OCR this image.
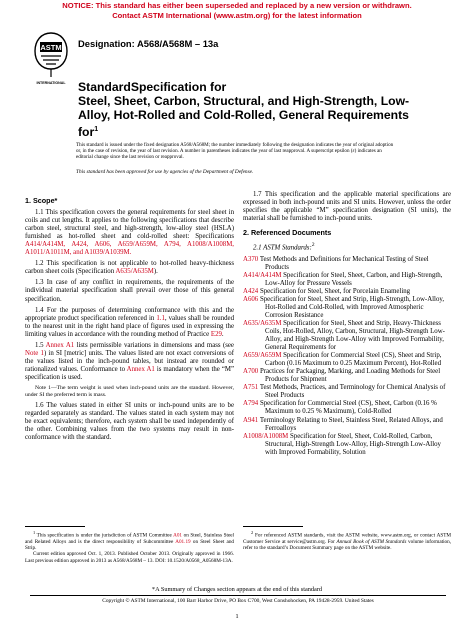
NOTICE: This standard has either been superseded and replaced by a new version or withdrawn.
Contact ASTM International (www.astm.org) for the latest information
ASTM
INTERNATIONAL
Designation: A568/A568M – 13a
StandardSpecification for
Steel, Sheet, Carbon, Structural, and High-Strength, Low-
Alloy, Hot-Rolled and Cold-Rolled, General Requirements
for$^1$
This standard is issued under the fixed designation A568/A568M; the number immediately following the designation indicates the year of original adoption or, in the case of revision, the year of last revision. A number in parentheses indicates the year of last reapproval. A superscript epsilon (ε) indicates an editorial change since the last revision or reapproval.
This standard has been approved for use by agencies of the Department of Defense.
1. Scope*

1.1 This specification covers the general requirements for steel sheet in coils and cut lengths. It applies to the following specifications that describe carbon steel, structural steel, and high-strength, low-alloy steel (HSLA) furnished as hot-rolled sheet and cold-rolled sheet: Specifications A414/A414M, A424, A606, A659/A659M, A794, A1008/A1008M, A1011/A1011M, and A1039/A1039M.

1.2 This specification is not applicable to hot-rolled heavy-thickness carbon sheet coils (Specification A635/A635M).

1.3 In case of any conflict in requirements, the requirements of the individual material specification shall prevail over those of this general specification.

1.4 For the purposes of determining conformance with this and the appropriate product specification referenced in 1.1, values shall be rounded to the nearest unit in the right hand place of figures used in expressing the limiting values in accordance with the rounding method of Practice E29.

1.5 Annex A1 lists permissible variations in dimensions and mass (see Note 1) in SI [metric] units. The values listed are not exact conversions of the values listed in the inch-pound tables, but instead are rounded or rationalized values. Conformance to Annex A1 is mandatory when the “M” specification is used.

Note 1—The term weight is used when inch-pound units are the standard. However, under SI the preferred term is mass.

1.6 The values stated in either SI units or inch-pound units are to be regarded separately as standard. The values stated in each system may not be exact equivalents; therefore, each system shall be used independently of the other. Combining values from the two systems may result in non-conformance with the standard.

1.7 This specification and the applicable material specifications are expressed in both inch-pound units and SI units. However, unless the order specifies the applicable “M” specification designation (SI units), the material shall be furnished to inch-pound units.

2. Referenced Documents

2.1 ASTM Standards:$^2$

A370 Test Methods and Definitions for Mechanical Testing of Steel Products
A414/A414M Specification for Steel, Sheet, Carbon, and High-Strength, Low-Alloy for Pressure Vessels
A424 Specification for Steel, Sheet, for Porcelain Enameling
A606 Specification for Steel, Sheet and Strip, High-Strength, Low-Alloy, Hot-Rolled and Cold-Rolled, with Improved Atmospheric Corrosion Resistance
A635/A635M Specification for Steel, Sheet and Strip, Heavy-Thickness Coils, Hot-Rolled, Alloy, Carbon, Structural, High-Strength Low-Alloy, and High-Strength Low-Alloy with Improved Formability, General Requirements for
A659/A659M Specification for Commercial Steel (CS), Sheet and Strip, Carbon (0.16 Maximum to 0.25 Maximum Percent), Hot-Rolled
A700 Practices for Packaging, Marking, and Loading Methods for Steel Products for Shipment
A751 Test Methods, Practices, and Terminology for Chemical Analysis of Steel Products
A794 Specification for Commercial Steel (CS), Sheet, Carbon (0.16 % Maximum to 0.25 % Maximum), Cold-Rolled
A941 Terminology Relating to Steel, Stainless Steel, Related Alloys, and Ferroalloys
A1008/A1008M Specification for Steel, Sheet, Cold-Rolled, Carbon, Structural, High-Strength Low-Alloy, High-Strength Low-Alloy with Improved Formability, Solution

$^1$ This specification is under the jurisdiction of ASTM Committee A01 on Steel, Stainless Steel and Related Alloys and is the direct responsibility of Subcommittee A01.19 on Steel Sheet and Strip.

Current edition approved Oct. 1, 2013. Published October 2013. Originally approved in 1966. Last previous edition approved in 2013 as A568/A568M – 13. DOI: 10.1520/A0568_A0568M-13A.

$^2$ For referenced ASTM standards, visit the ASTM website, www.astm.org, or contact ASTM Customer Service at service@astm.org. For Annual Book of ASTM Standards volume information, refer to the standard’s Document Summary page on the ASTM website.

*A Summary of Changes section appears at the end of this standard
Copyright © ASTM International, 100 Barr Harbor Drive, PO Box C700, West Conshohocken, PA 19428-2959. United States
1
